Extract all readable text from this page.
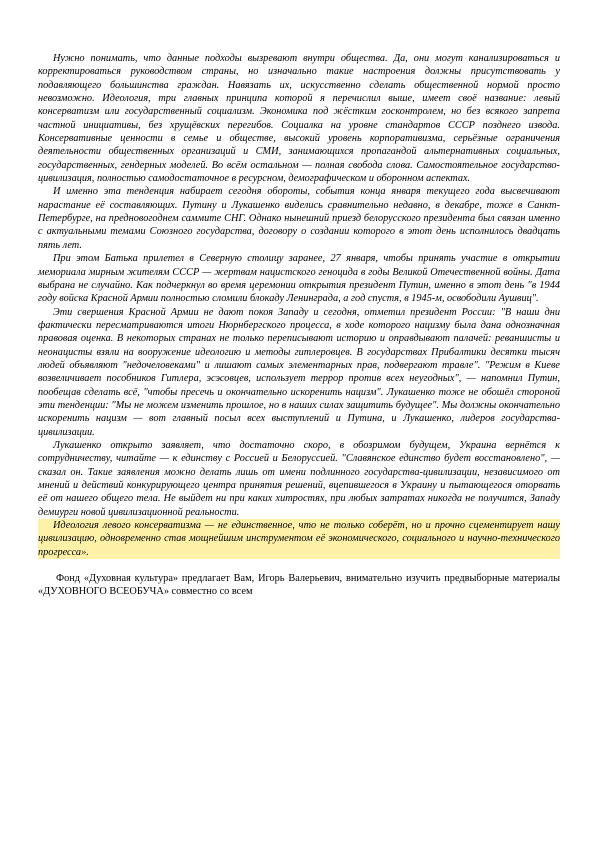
Нужно понимать, что данные подходы вызревают внутри общества. Да, они могут канализироваться и корректироваться руководством страны, но изначально такие настроения должны присутствовать у подавляющего большинства граждан. Навязать их, искусственно сделать общественной нормой просто невозможно. Идеология, три главных принципа которой я перечислил выше, имеет своё название: левый консерватизм или государственный социализм. Экономика под жёстким госконтролем, но без всякого запрета частной инициативы, без хрущёвских перегибов. Социалка на уровне стандартов СССР позднего извода. Консервативные ценности в семье и обществе, высокий уровень корпоративизма, серьёзные ограничения деятельности общественных организаций и СМИ, занимающихся пропагандой альтернативных социальных, государственных, гендерных моделей. Во всём остальном — полная свобода слова. Самостоятельное государство-цивилизация, полностью самодостаточное в ресурсном, демографическом и оборонном аспектах.

И именно эта тенденция набирает сегодня обороты, события конца января текущего года высвечивают нарастание её составляющих. Путину и Лукашенко виделись сравнительно недавно, в декабре, тоже в Санкт-Петербурге, на предновогоднем саммите СНГ. Однако нынешний приезд белорусского президента был связан именно с актуальными темами Союзного государства, договору о создании которого в этот день исполнилось двадцать пять лет.

При этом Батька прилетел в Северную столицу заранее, 27 января, чтобы принять участие в открытии мемориала мирным жителям СССР — жертвам нацистского геноцида в годы Великой Отечественной войны. Дата выбрана не случайно. Как подчеркнул во время церемонии открытия президент Путин, именно в этот день "в 1944 году войска Красной Армии полностью сломили блокаду Ленинграда, а год спустя, в 1945-м, освободили Аушвиц".

Эти свершения Красной Армии не дают покоя Западу и сегодня, отметил президент России: "В наши дни фактически пересматриваются итоги Нюрнбергского процесса, в ходе которого нацизму была дана однозначная правовая оценка. В некоторых странах не только переписывают историю и оправдывают палачей: реваншисты и неонацисты взяли на вооружение идеологию и методы гитлеровцев. В государствах Прибалтики десятки тысяч людей объявляют "недочеловеками" и лишают самых элементарных прав, подвергают травле". "Режим в Киеве возвеличивает пособников Гитлера, эсэсовцев, использует террор против всех неугодных", — напомнил Путин, пообещав сделать всё, "чтобы пресечь и окончательно искоренить нацизм". Лукашенко тоже не обошёл стороной эти тенденции: "Мы не можем изменить прошлое, но в наших силах защитить будущее". Мы должны окончательно искоренить нацизм — вот главный посыл всех выступлений и Путина, и Лукашенко, лидеров государства-цивилизации.

Лукашенко открыто заявляет, что достаточно скоро, в обозримом будущем, Украина вернётся к сотрудничеству, читайте — к единству с Россией и Белоруссией. "Славянское единство будет восстановлено", — сказал он. Такие заявления можно делать лишь от имени подлинного государства-цивилизации, независимого от мнений и действий конкурирующего центра принятия решений, вцепившегося в Украину и пытающегося оторвать её от нашего общего тела. Не выйдет ни при каких хитростях, при любых затратах никогда не получится, Западу демиурги новой цивилизационной реальности.

Идеология левого консерватизма — не единственное, что не только соберёт, но и прочно сцементирует нашу цивилизацию, одновременно став мощнейшим инструментом её экономического, социального и научно-технического прогресса».

Фонд «Духовная культура» предлагает Вам, Игорь Валерьевич, внимательно изучить предвыборные материалы «ДУХОВНОГО ВСЕОБУЧА» совместно со всем
